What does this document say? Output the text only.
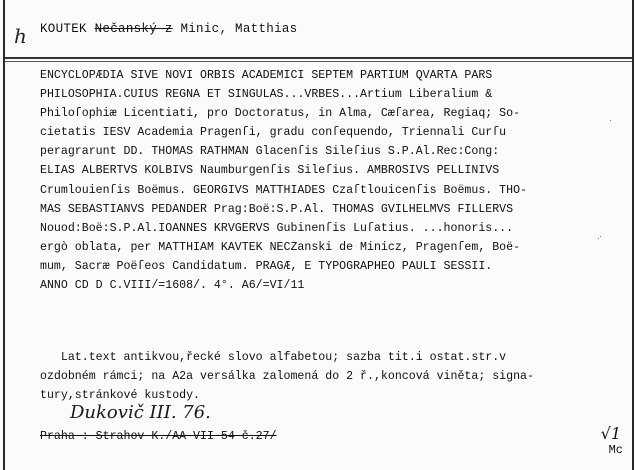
h KOUTEK Nečanský z Minic, Matthias
ENCYCLOPÆDIA SIVE NOVI ORBIS ACADEMICI SEPTEM PARTIUM QVARTA PARS
PHILOSOPHIA.CUIUS REGNA ET SINGULAS...VRBES...Artium Liberalium &
Philoſophiæ Licentiati, pro Doctoratus, in Alma, Cæſarea, Regiaq; So-
cietatis IESV Academia Pragenſi, gradu conſequendo, Triennali Curſu
peragrarunt DD. THOMAS RATHMAN Glacenſis Sileſius S.P.Al.Rec:Cong:
ELIAS ALBERTVS KOLBIVS Naumburgenſis Sileſius. AMBROSIVS PELLINIVS
Crumlouienſis Boëmus. GEORGIVS MATTHIADES Czaſtlouicenſis Boëmus. THO-
MAS SEBASTIANVS PEDANDER Prag:Boë:S.P.Al. THOMAS GVILHELMVS FILLERVS
Nouod:Boë:S.P.Al.IOANNES KRVGERVS Gubinenſis Luſatius. ...honoris...
ergò oblata, per MATTHIAM KAVTEK NECZanski de Minicz, Pragenſem, Boë-
mum, Sacræ Poëſeos Candidatum. PRAGÆ, E TYPOGRAPHEO PAULI SESSII.
ANNO CD D C.VIII/=1608/. 4°. A6/=VI/11
Lat.text antikvou,řecké slovo alfabetou; sazba tit.i ostat.str.v
ozdobném rámci; na A2a versálka zalomená do 2 ř.,koncová viněta; signa-
tury,stránkové kustody.
Dukovič III. 76.
Praha : Strahov K./AA VII 54 č.27/	√1
Mc
